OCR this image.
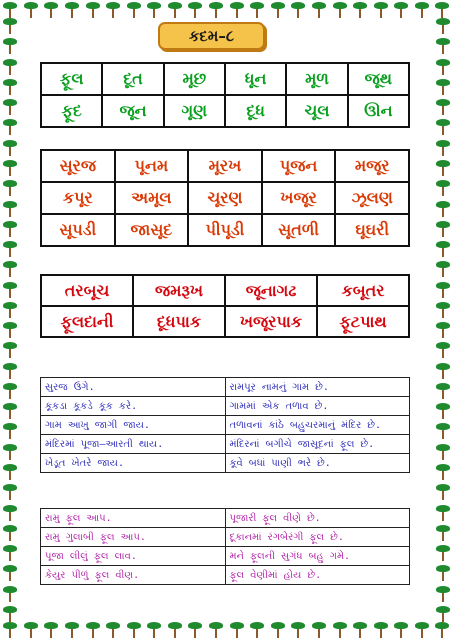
કદમ–૮
ફૂલ	દૂત	મૂછ	ધૂન	મૂળ	જૂથ
ફૂદ	જૂન	ગૂણ	દૂધ	ચૂલ	ઊન
સૂરજ	પૂનમ	મૂરખ	પૂજન	મજૂર
કપૂર	અમૂલ	ચૂરણ	ખજૂર	ઝૂલણ
સૂપડી	જાસૂદ	પીપૂડી	સૂતળી	ઘૂઘરી
તરબૂચ	જમરૂખ	જૂનાગઢ	કબૂતર
ફૂલદાની	દૂધપાક	ખજૂરપાક	ફૂટપાથ
સુરજ ઉગે.	રામપૂર નામનું ગામ છે.
કૂકડા કૂકડે કૂક કરે.	ગામમાં એક તળાવ છે.
ગામ આખુ જાગી જાય.	તળાવનાં કાંઠે બહુચરમાનું મંદિર છે.
મંદિરમાં પૂજા–આરતી થાય.	મંદિરનાં બગીચે જાસૂદનાં ફૂલ છે.
ખેડૂત ખેતરે જાય.	કૂવે બધાં પાણી ભરે છે.
રામુ ફૂલ આપ.	પૂજારી ફૂલ વીણે છે.
રામુ ગુલાબી ફૂલ આપ.	દૂકાનમાં રંગબેરંગી ફૂલ છે.
પૂજા લીલું ફૂલ લાવ.	મને ફૂલની સુગંધ બહુ ગમે.
કેયુર પીળું ફૂલ વીણ.	ફૂલ વેણીમાં હોય છે.
